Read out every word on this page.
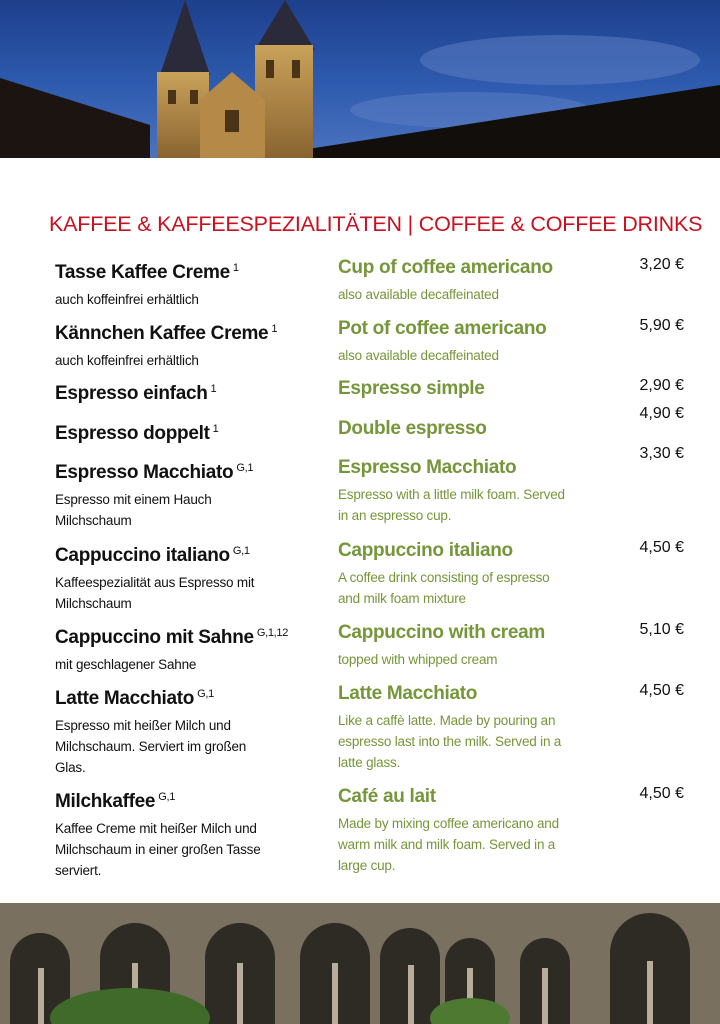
KAFFEE & KAFFEESPEZIALITÄTEN | COFFEE & COFFEE DRINKS
Tasse Kaffee Creme $^1$
auch koffeinfrei erhältlich
Cup of coffee americano
also available decaffeinated
3,20 €
Kännchen Kaffee Creme $^1$
auch koffeinfrei erhältlich
Pot of coffee americano
also available decaffeinated
5,90 €
Espresso einfach $^1$	Espresso simple	2,90 €
Espresso doppelt $^1$	Double espresso
4,90 €
Espresso Macchiato $^{G,1}$
Espresso mit einem Hauch
Milchschaum
Espresso Macchiato
Espresso with a little milk foam. Served
in an espresso cup.
3,30 €
Cappuccino italiano $^{G,1}$
Kaffeespezialität aus Espresso mit
Milchschaum
Cappuccino italiano
A coffee drink consisting of espresso
and milk foam mixture
4,50 €
Cappuccino mit Sahne $^{G,1,12}$
mit geschlagener Sahne
Cappuccino with cream
topped with whipped cream
5,10 €
Latte Macchiato $^{G,1}$
Espresso mit heißer Milch und
Milchschaum. Serviert im großen
Glas.
Latte Macchiato
Like a caffè latte. Made by pouring an
espresso last into the milk. Served in a
latte glass.
4,50 €
Milchkaffee $^{G,1}$
Kaffee Creme mit heißer Milch und
Milchschaum in einer großen Tasse
serviert.
Café au lait
Made by mixing coffee americano and
warm milk and milk foam. Served in a
large cup.
4,50 €
